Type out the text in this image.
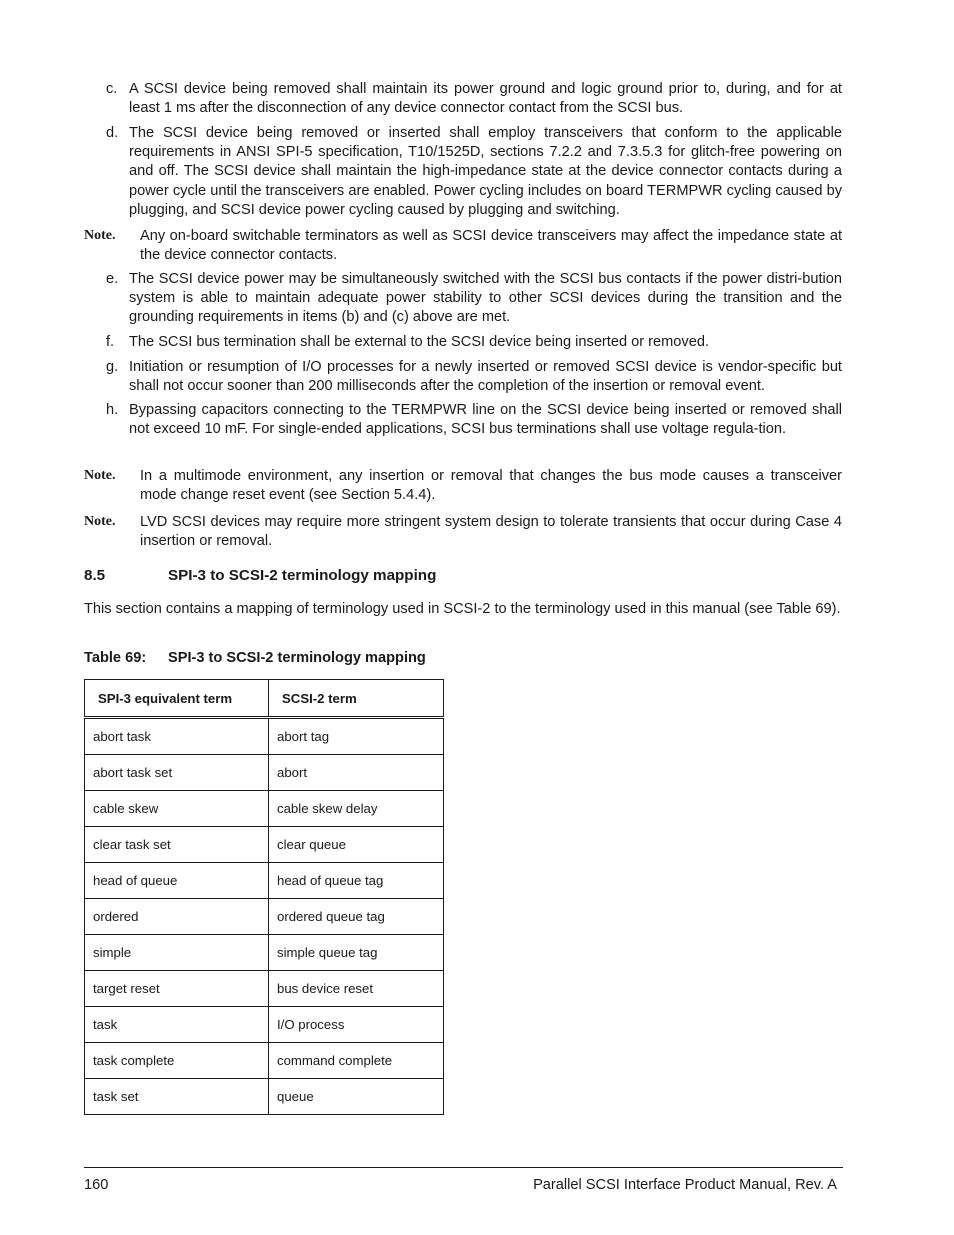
c. A SCSI device being removed shall maintain its power ground and logic ground prior to, during, and for at least 1 ms after the disconnection of any device connector contact from the SCSI bus.
d. The SCSI device being removed or inserted shall employ transceivers that conform to the applicable requirements in ANSI SPI-5 specification, T10/1525D, sections 7.2.2 and 7.3.5.3 for glitch-free powering on and off. The SCSI device shall maintain the high-impedance state at the device connector contacts during a power cycle until the transceivers are enabled. Power cycling includes on board TERMPWR cycling caused by plugging, and SCSI device power cycling caused by plugging and switching.
Note. Any on-board switchable terminators as well as SCSI device transceivers may affect the impedance state at the device connector contacts.
e. The SCSI device power may be simultaneously switched with the SCSI bus contacts if the power distri-bution system is able to maintain adequate power stability to other SCSI devices during the transition and the grounding requirements in items (b) and (c) above are met.
f. The SCSI bus termination shall be external to the SCSI device being inserted or removed.
g. Initiation or resumption of I/O processes for a newly inserted or removed SCSI device is vendor-specific but shall not occur sooner than 200 milliseconds after the completion of the insertion or removal event.
h. Bypassing capacitors connecting to the TERMPWR line on the SCSI device being inserted or removed shall not exceed 10 mF. For single-ended applications, SCSI bus terminations shall use voltage regula-tion.
Note. In a multimode environment, any insertion or removal that changes the bus mode causes a transceiver mode change reset event (see Section 5.4.4).
Note. LVD SCSI devices may require more stringent system design to tolerate transients that occur during Case 4 insertion or removal.
8.5	SPI-3 to SCSI-2 terminology mapping
This section contains a mapping of terminology used in SCSI-2 to the terminology used in this manual (see Table 69).
Table 69: SPI-3 to SCSI-2 terminology mapping
SPI-3 equivalent term	SCSI-2 term
abort task	abort tag
abort task set	abort
cable skew	cable skew delay
clear task set	clear queue
head of queue	head of queue tag
ordered	ordered queue tag
simple	simple queue tag
target reset	bus device reset
task	I/O process
task complete	command complete
task set	queue
160	Parallel SCSI Interface Product Manual, Rev. A
